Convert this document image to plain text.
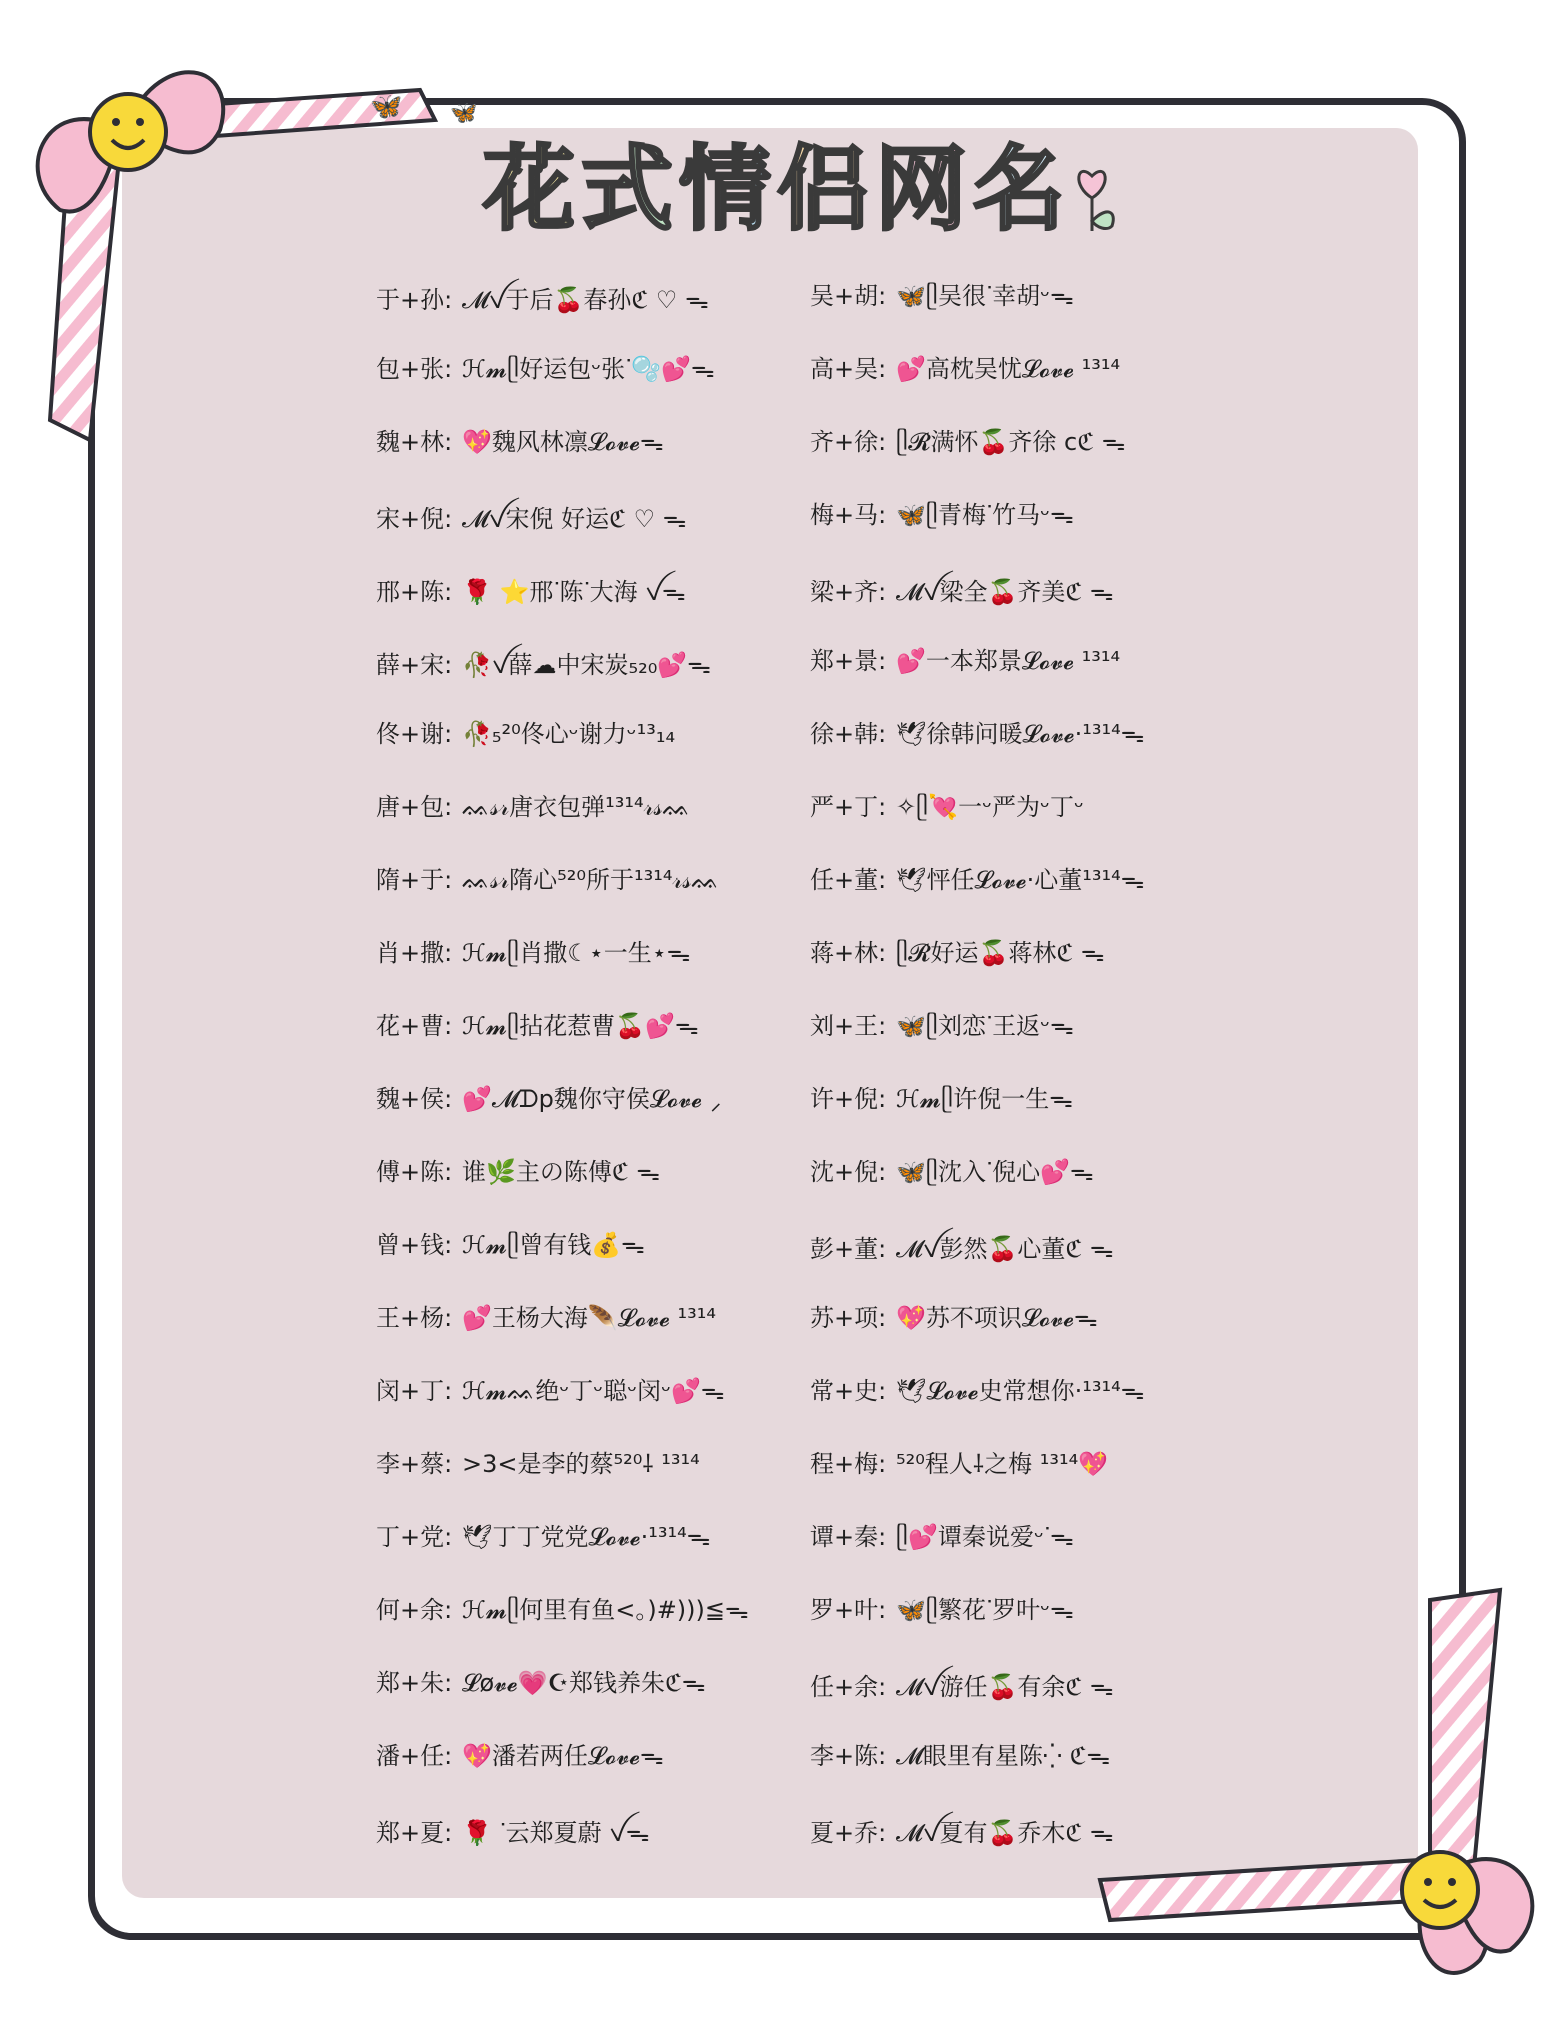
🦋 🦋
花式情侣网名
于+孙: 𝓜ꪜ于后🍒春孙ℭ ♡ ᯓ
包+张: ℋ𝓶ᥫ好运包ᵕ张ᐝ🫧💕ᯓ
魏+林: 💖魏风林凛𝓛𝓸𝓿𝓮ᯓ
宋+倪: 𝓜ꪜ宋倪 好运ℭ ♡ ᯓ
邢+陈: 🌹 ⭐邢ᐝ陈ᐝ大海 ꪜᯓ
薛+宋: 🥀ꪜ薛☁中宋炭₅₂₀💕ᯓ
佟+谢: 🥀₅²⁰佟心ᵕ谢力ᵕ¹³₁₄
唐+包: ᨐ𝓈𝓇唐衣包弹¹³¹⁴𝓇𝓈ᨐ
隋+于: ᨐ𝓈𝓇隋心⁵²⁰所于¹³¹⁴𝓇𝓈ᨐ
肖+撒: ℋ𝓶ᥫ肖撒☾⋆一生⋆ᯓ
花+曹: ℋ𝓶ᥫ拈花惹曹🍒💕ᯓ
魏+侯: 💕𝓜ᗪp魏你守侯𝓛𝓸𝓿𝓮 ⸝
傅+陈: 谁🌿主の陈傅ℭ ᯓ
曾+钱: ℋ𝓶ᥫ曾有钱💰ᯓ
王+杨: 💕王杨大海🪶𝓛𝓸𝓿𝓮 ¹³¹⁴
闵+丁: ℋ𝓶ᨐ绝ᵕ丁ᵕ聪ᵕ闵ᵕ💕ᯓ
李+蔡: >3<是李的蔡⁵²⁰⸸ ¹³¹⁴
丁+党: 🕊丁丁党党𝓛𝓸𝓿𝓮·¹³¹⁴ᯓ
何+余: ℋ𝓶ᥫ何里有鱼<。)#)))≦ᯓ
郑+朱: 𝓛ø𝓿𝓮💗☪郑钱养朱ℭᯓ
潘+任: 💖潘若两任𝓛𝓸𝓿𝓮ᯓ
郑+夏: 🌹 ᐝ云郑夏蔚 ꪜᯓ
吴+胡: 🦋ᥫ吴很ᐝ幸胡ᵕᯓ
高+吴: 💕高枕吴忧𝓛𝓸𝓿𝓮 ¹³¹⁴
齐+徐: ᥫ𝓡满怀🍒齐徐 cℭ ᯓ
梅+马: 🦋ᥫ青梅ᐝ竹马ᵕᯓ
梁+齐: 𝓜ꪜ梁全🍒齐美ℭ ᯓ
郑+景: 💕一本郑景𝓛𝓸𝓿𝓮 ¹³¹⁴
徐+韩: 🕊徐韩问暖𝓛𝓸𝓿𝓮·¹³¹⁴ᯓ
严+丁: ✧ᥫ💘一ᵕ严为ᵕ丁ᵕ
任+董: 🕊怦任𝓛𝓸𝓿𝓮·心董¹³¹⁴ᯓ
蒋+林: ᥫ𝓡好运🍒蒋林ℭ ᯓ
刘+王: 🦋ᥫ刘恋ᐝ王返ᵕᯓ
许+倪: ℋ𝓶ᥫ许倪一生ᯓ
沈+倪: 🦋ᥫ沈入ᐝ倪心💕ᯓ
彭+董: 𝓜ꪜ彭然🍒心董ℭ ᯓ
苏+项: 💖苏不项识𝓛𝓸𝓿𝓮ᯓ
常+史: 🕊𝓛𝓸𝓿𝓮史常想你·¹³¹⁴ᯓ
程+梅: ⁵²⁰程人⸸之梅 ¹³¹⁴💖
谭+秦: ᥫ💕谭秦说爱ᵕᐝᯓ
罗+叶: 🦋ᥫ繁花ᐝ罗叶ᵕᯓ
任+余: 𝓜ꪜ游任🍒有余ℭ ᯓ
李+陈: 𝓜眼里有星陈⁛ ℭᯓ
夏+乔: 𝓜ꪜ夏有🍒乔木ℭ ᯓ
